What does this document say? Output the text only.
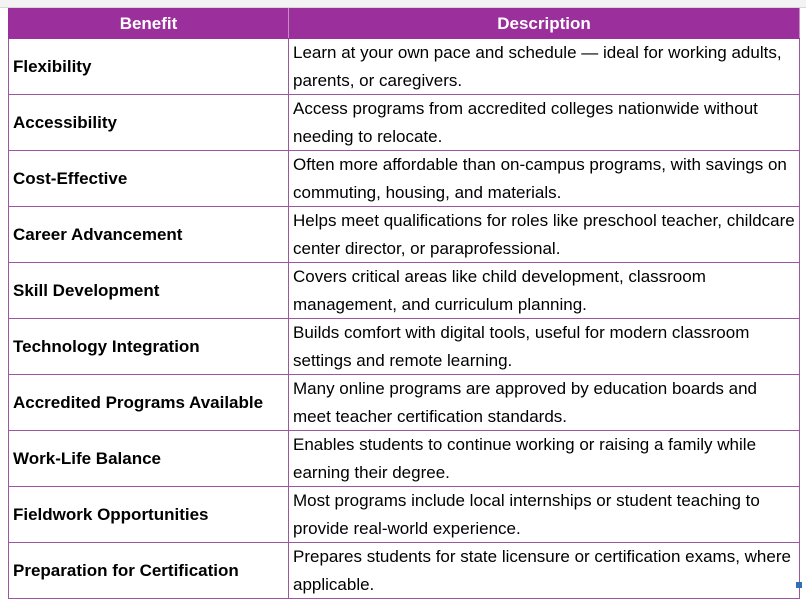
Benefit	Description
Flexibility	Learn at your own pace and schedule — ideal for working adults, parents, or caregivers.
Accessibility	Access programs from accredited colleges nationwide without needing to relocate.
Cost-Effective	Often more affordable than on-campus programs, with savings on commuting, housing, and materials.
Career Advancement	Helps meet qualifications for roles like preschool teacher, childcare center director, or paraprofessional.
Skill Development	Covers critical areas like child development, classroom management, and curriculum planning.
Technology Integration	Builds comfort with digital tools, useful for modern classroom settings and remote learning.
Accredited Programs Available	Many online programs are approved by education boards and meet teacher certification standards.
Work-Life Balance	Enables students to continue working or raising a family while earning their degree.
Fieldwork Opportunities	Most programs include local internships or student teaching to provide real-world experience.
Preparation for Certification	Prepares students for state licensure or certification exams, where applicable.
